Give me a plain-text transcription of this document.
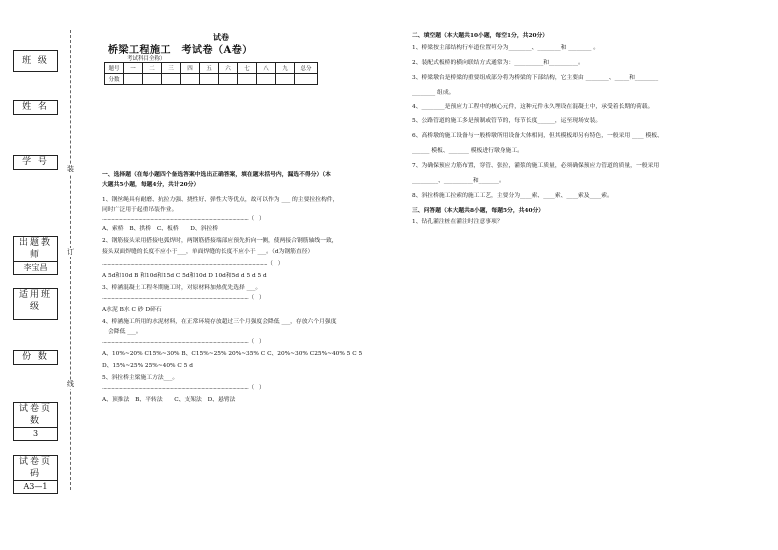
班 级
姓 名
学 号
出题教师
李宝昌
适用班级
份 数
试卷页数
3
试卷页码
A3—1
装
订
线
试卷
桥梁工程施工　考试卷（A卷）
考试科目全称）
题号	一	二	三	四	五	六	七	八	九	总分
分数										
一、选择题（在每小题四个备选答案中选出正确答案，填在题末括号内，漏选不得分）（本
大题共5小题，每题4分，共计20分）
1、钢丝绳具有耐磨、抗拉力强、挠性好、弹性大等优点，故可以作为 ___ 的主要拉拉构件，
同时广泛用于起重吊装作业。
.............................................................................................................（　）
A、索桥　B、拱桥　C、板桥　　D、斜拉桥
2、钢筋接头采用搭接电弧焊时，两钢筋搭接端部应预先折向一侧，使两接合钢筋轴线一致，
接头双面焊缝的长度不应小于___，单面焊缝的长度不应小于 ___。（d为钢筋直径）
...........................................................................................................................（　）
A 5d和10d B 和10d和15d C 5d和10d D 10d和5d d 5 d 5 d
3、桥涵混凝土工程冬期施工时，对原材料加热优先选择 ___。
.............................................................................................................（　）
A水泥 B水 C 砂 D碎石
4、桥涵施工所用的水泥材料，在正常环境存放超过三个月强度会降低 ___，存放六个月强度
会降低 ___。
.............................................................................................................（　）
A、10%~20% C15%~30% B、C15%~25% 20%~35% C C、20%~30% C25%~40% 5 C 5
D、15%~25% 25%~40% C 5 d
5、斜拉桥主梁施工方法___。
.............................................................................................................（　）
A、顶推法　B、平转法　　C、支架法　D、悬臂法
二、填空题（本大题共10小题，每空1分，共20分）
1、桥梁按主部结构行车道位置可分为________、________和 ________ 。
2、装配式板桥的横向联结方式通常为：__________和__________。
3、桥梁墩台是桥梁的重要组成部分将为桥梁的下部结构，它主要由 ________、_____和________
________ 组成。
4、________是预应力工程中的核心元件，这种元件永久埋设在混凝土中，承受着长期的荷载。
5、公路管道的施工多是预制或管节的，每节长度______，运至现场安装。
6、高桥墩的施工设备与一般桥墩所用设备大体相同，但其模板却另有特色，一般采用 ____ 模板、
______ 模板、_______ 模板进行墩身施工。
7、为确保预应力筋布置，穿管、张拉，灌浆的施工质量，必须确保预应力管道的质量，一般采用
_________、__________和_______。
8、斜拉桥施工拉索的施工工艺，主要分为____索、____索、____索及____索。
三、问答题（本大题共8小题，每题5分，共40分）
1、钻孔灌注桩在灌注时注意事项？
